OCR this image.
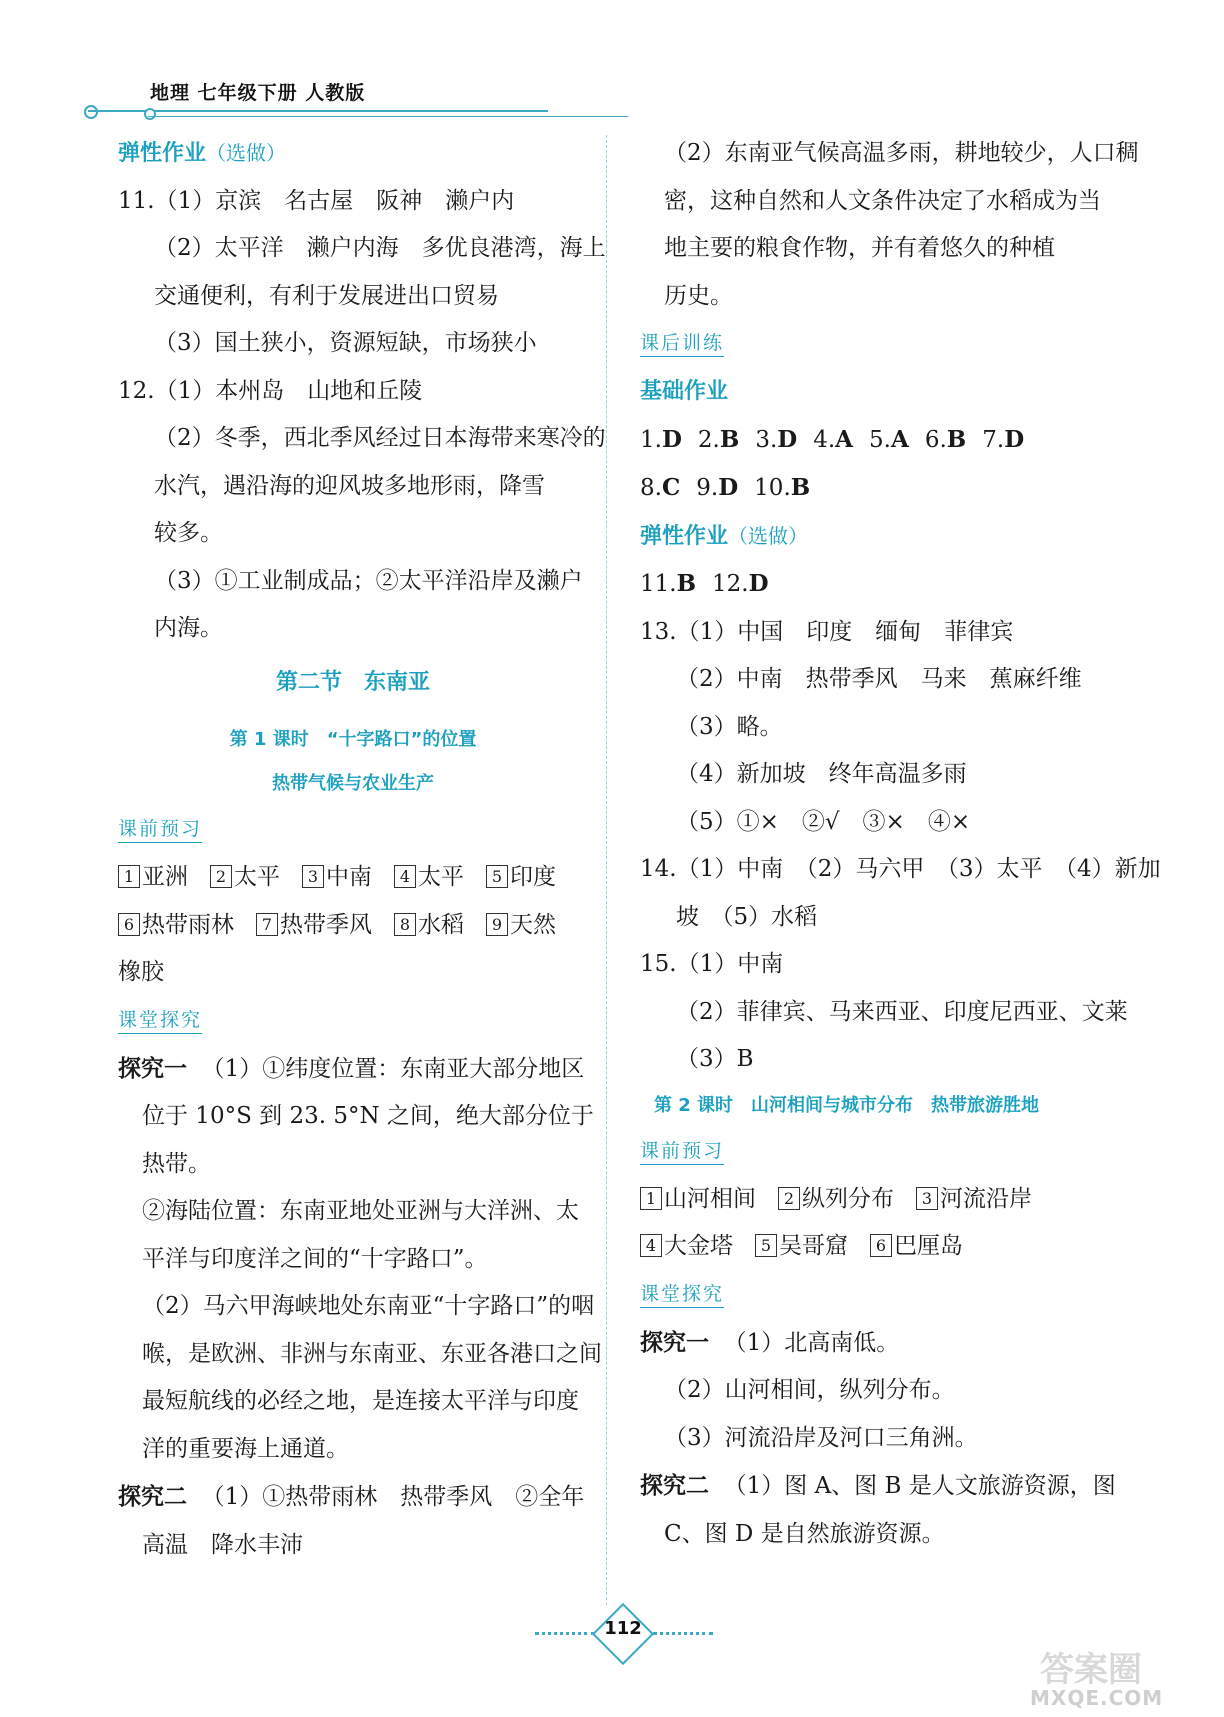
地理 七年级下册 人教版
弹性作业（选做）
11.（1）京滨　名古屋　阪神　濑户内
（2）太平洋　濑户内海　多优良港湾，海上
交通便利，有利于发展进出口贸易
（3）国土狭小，资源短缺，市场狭小
12.（1）本州岛　山地和丘陵
（2）冬季，西北季风经过日本海带来寒冷的
水汽，遇沿海的迎风坡多地形雨，降雪
较多。
（3）①工业制成品；②太平洋沿岸及濑户
内海。
第二节　东南亚
第 1 课时　“十字路口”的位置
热带气候与农业生产
课前预习
1 亚洲 2 太平 3 中南 4 太平 5 印度
6 热带雨林 7 热带季风 8 水稻 9 天然
橡胶
课堂探究
探究一 （1）①纬度位置：东南亚大部分地区
位于 10°S 到 23. 5°N 之间，绝大部分位于
热带。
②海陆位置：东南亚地处亚洲与大洋洲、太
平洋与印度洋之间的“十字路口”。
（2）马六甲海峡地处东南亚“十字路口”的咽
喉，是欧洲、非洲与东南亚、东亚各港口之间
最短航线的必经之地，是连接太平洋与印度
洋的重要海上通道。
探究二 （1）①热带雨林　热带季风　②全年
高温　降水丰沛
（2）东南亚气候高温多雨，耕地较少，人口稠
密，这种自然和人文条件决定了水稻成为当
地主要的粮食作物，并有着悠久的种植
历史。
课后训练
基础作业
1.D 2.B 3.D 4.A 5.A 6.B 7.D
8.C 9.D 10.B
弹性作业（选做）
11.B 12.D
13.（1）中国　印度　缅甸　菲律宾
（2）中南　热带季风　马来　蕉麻纤维
（3）略。
（4）新加坡　终年高温多雨
（5）①×　②√　③×　④×
14.（1）中南　（2）马六甲　（3）太平　（4）新加
坡　（5）水稻
15.（1）中南
（2）菲律宾、马来西亚、印度尼西亚、文莱
（3）B
第 2 课时　山河相间与城市分布　热带旅游胜地
课前预习
1 山河相间 2 纵列分布 3 河流沿岸
4 大金塔 5 吴哥窟 6 巴厘岛
课堂探究
探究一 （1）北高南低。
（2）山河相间，纵列分布。
（3）河流沿岸及河口三角洲。
探究二 （1）图 A、图 B 是人文旅游资源，图
C、图 D 是自然旅游资源。
112
答案圈
MXQE.COM
